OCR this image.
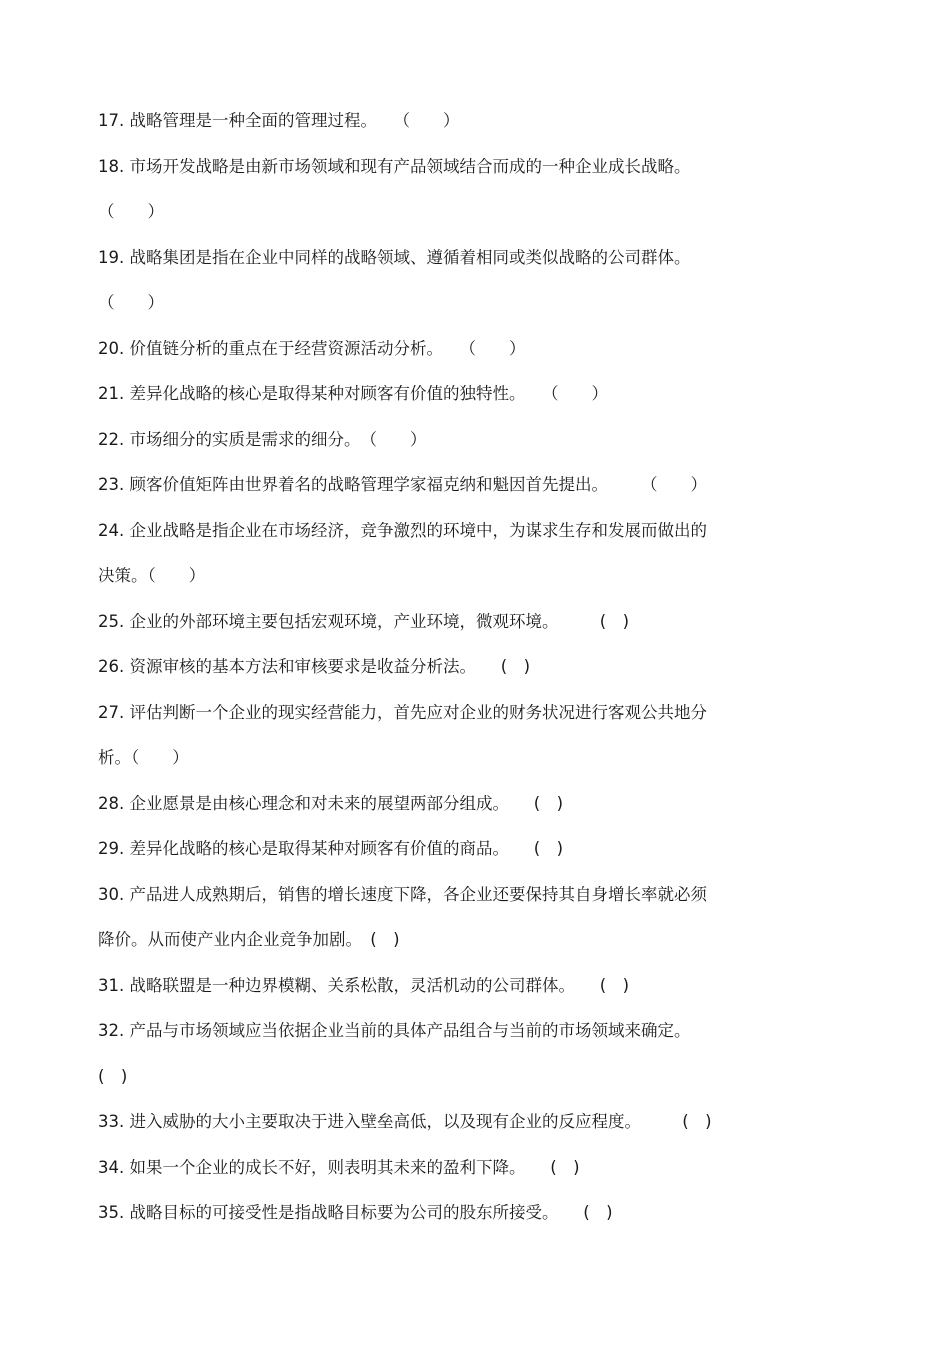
17. 战略管理是一种全面的管理过程。　　（　　）
18. 市场开发战略是由新市场领域和现有产品领域结合而成的一种企业成长战略。
（　　）
19. 战略集团是指在企业中同样的战略领域、遵循着相同或类似战略的公司群体。
（　　）
20. 价值链分析的重点在于经营资源活动分析。　　（　　）
21. 差异化战略的核心是取得某种对顾客有价值的独特性。　　（　　）
22. 市场细分的实质是需求的细分。　（　　）
23. 顾客价值矩阵由世界着名的战略管理学家福克纳和魁因首先提出。　　　（　　）
24. 企业战略是指企业在市场经济，竞争激烈的环境中，为谋求生存和发展而做出的
决策。（　　）
25. 企业的外部环境主要包括宏观环境，产业环境，微观环境。　　　(　)
26. 资源审核的基本方法和审核要求是收益分析法。　　(　)
27. 评估判断一个企业的现实经营能力，首先应对企业的财务状况进行客观公共地分
析。（　　）
28. 企业愿景是由核心理念和对未来的展望两部分组成。　　(　)
29. 差异化战略的核心是取得某种对顾客有价值的商品。　　(　)
30. 产品进人成熟期后，销售的增长速度下降，各企业还要保持其自身增长率就必须
降价。从而使产业内企业竞争加剧。　(　)
31. 战略联盟是一种边界模糊、关系松散，灵活机动的公司群体。　　(　)
32. 产品与市场领域应当依据企业当前的具体产品组合与当前的市场领域来确定。
(　)
33. 进入威胁的大小主要取决于进入壁垒高低，以及现有企业的反应程度。　　　(　)
34. 如果一个企业的成长不好，则表明其未来的盈利下降。　　(　)
35. 战略目标的可接受性是指战略目标要为公司的股东所接受。　　(　)
